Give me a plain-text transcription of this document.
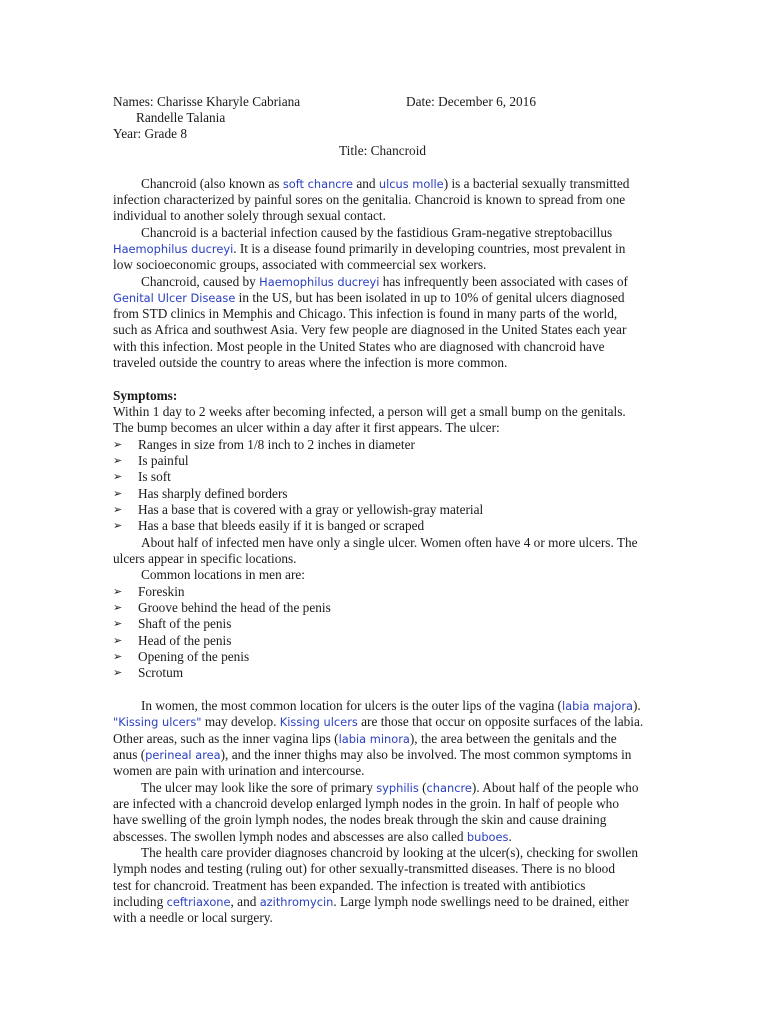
Names: Charisse Kharyle Cabriana	Date: December 6, 2016
Randelle Talania
Year: Grade 8
Title: Chancroid
Chancroid (also known as soft chancre and ulcus molle) is a bacterial sexually transmitted
infection characterized by painful sores on the genitalia. Chancroid is known to spread from one
individual to another solely through sexual contact.
Chancroid is a bacterial infection caused by the fastidious Gram-negative streptobacillus
Haemophilus ducreyi. It is a disease found primarily in developing countries, most prevalent in
low socioeconomic groups, associated with commeercial sex workers.
Chancroid, caused by Haemophilus ducreyi has infrequently been associated with cases of
Genital Ulcer Disease in the US, but has been isolated in up to 10% of genital ulcers diagnosed
from STD clinics in Memphis and Chicago. This infection is found in many parts of the world,
such as Africa and southwest Asia. Very few people are diagnosed in the United States each year
with this infection. Most people in the United States who are diagnosed with chancroid have
traveled outside the country to areas where the infection is more common.
Symptoms:
Within 1 day to 2 weeks after becoming infected, a person will get a small bump on the genitals.
The bump becomes an ulcer within a day after it first appears. The ulcer:
➢ Ranges in size from 1/8 inch to 2 inches in diameter
➢ Is painful
➢ Is soft
➢ Has sharply defined borders
➢ Has a base that is covered with a gray or yellowish-gray material
➢ Has a base that bleeds easily if it is banged or scraped
About half of infected men have only a single ulcer. Women often have 4 or more ulcers. The
ulcers appear in specific locations.
Common locations in men are:
➢ Foreskin
➢ Groove behind the head of the penis
➢ Shaft of the penis
➢ Head of the penis
➢ Opening of the penis
➢ Scrotum
In women, the most common location for ulcers is the outer lips of the vagina (labia majora).
"Kissing ulcers" may develop. Kissing ulcers are those that occur on opposite surfaces of the labia.
Other areas, such as the inner vagina lips (labia minora), the area between the genitals and the
anus (perineal area), and the inner thighs may also be involved. The most common symptoms in
women are pain with urination and intercourse.
The ulcer may look like the sore of primary syphilis (chancre). About half of the people who
are infected with a chancroid develop enlarged lymph nodes in the groin. In half of people who
have swelling of the groin lymph nodes, the nodes break through the skin and cause draining
abscesses. The swollen lymph nodes and abscesses are also called buboes.
The health care provider diagnoses chancroid by looking at the ulcer(s), checking for swollen
lymph nodes and testing (ruling out) for other sexually-transmitted diseases. There is no blood
test for chancroid. Treatment has been expanded. The infection is treated with antibiotics
including ceftriaxone, and azithromycin. Large lymph node swellings need to be drained, either
with a needle or local surgery.
